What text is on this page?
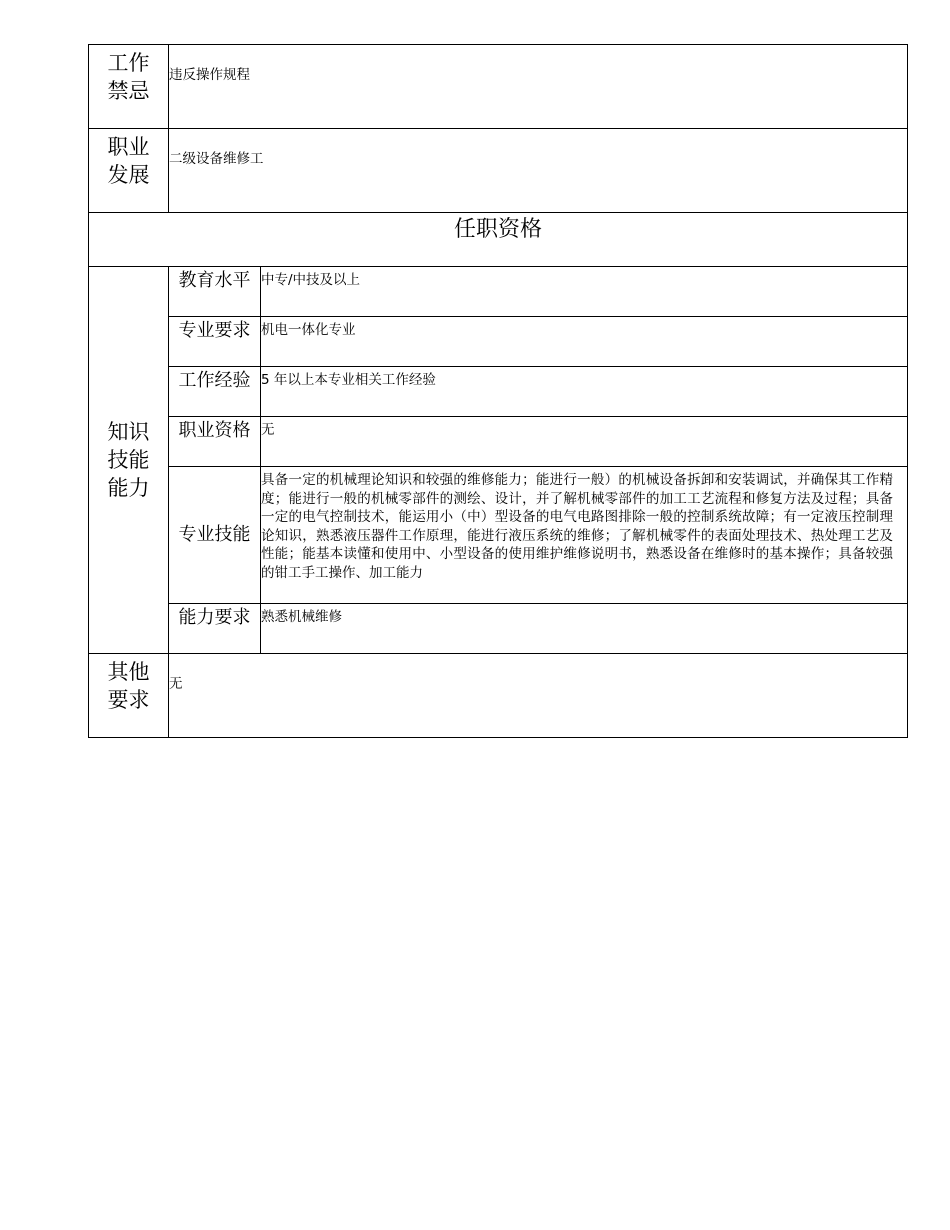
工作
禁忌	违反操作规程	

职业
发展	二级设备维修工	
任职资格		

知识
技能
能力	教育水平	中专/中技及以上
	专业要求	机电一体化专业
	工作经验	5 年以上本专业相关工作经验
	职业资格	无
	专业技能	具备一定的机械理论知识和较强的维修能力；能进行一般）的机械设备拆卸和安装调试，并确保其工作精度；能进行一般的机械零部件的测绘、设计，并了解机械零部件的加工工艺流程和修复方法及过程；具备一定的电气控制技术，能运用小（中）型设备的电气电路图排除一般的控制系统故障；有一定液压控制理论知识，熟悉液压器件工作原理，能进行液压系统的维修；了解机械零件的表面处理技术、热处理工艺及性能；能基本读懂和使用中、小型设备的使用维护维修说明书，熟悉设备在维修时的基本操作；具备较强的钳工手工操作、加工能力
	能力要求	熟悉机械维修

其他
要求	无	
